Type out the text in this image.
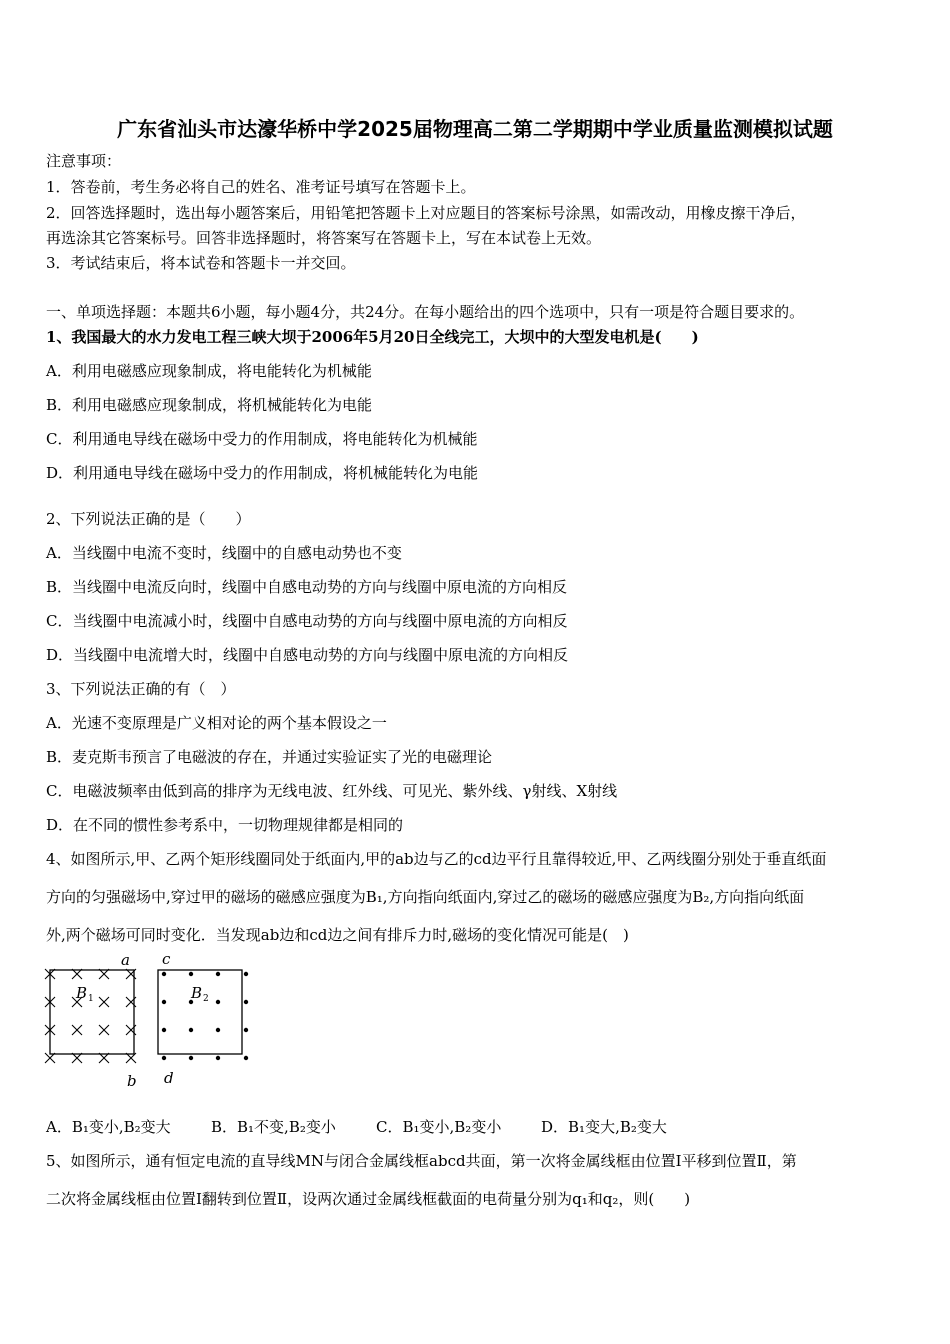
广东省汕头市达濠华桥中学2025届物理高二第二学期期中学业质量监测模拟试题
注意事项：
1．答卷前，考生务必将自己的姓名、准考证号填写在答题卡上。
2．回答选择题时，选出每小题答案后，用铅笔把答题卡上对应题目的答案标号涂黑，如需改动，用橡皮擦干净后，
再选涂其它答案标号。回答非选择题时，将答案写在答题卡上，写在本试卷上无效。
3．考试结束后，将本试卷和答题卡一并交回。
一、单项选择题：本题共6小题，每小题4分，共24分。在每小题给出的四个选项中，只有一项是符合题目要求的。
1、我国最大的水力发电工程三峡大坝于2006年5月20日全线完工，大坝中的大型发电机是(　　)
A．利用电磁感应现象制成，将电能转化为机械能
B．利用电磁感应现象制成，将机械能转化为电能
C．利用通电导线在磁场中受力的作用制成，将电能转化为机械能
D．利用通电导线在磁场中受力的作用制成，将机械能转化为电能
2、下列说法正确的是（　　）
A．当线圈中电流不变时，线圈中的自感电动势也不变
B．当线圈中电流反向时，线圈中自感电动势的方向与线圈中原电流的方向相反
C．当线圈中电流减小时，线圈中自感电动势的方向与线圈中原电流的方向相反
D．当线圈中电流增大时，线圈中自感电动势的方向与线圈中原电流的方向相反
3、下列说法正确的有（　）
A．光速不变原理是广义相对论的两个基本假设之一
B．麦克斯韦预言了电磁波的存在，并通过实验证实了光的电磁理论
C．电磁波频率由低到高的排序为无线电波、红外线、可见光、紫外线、γ射线、X射线
D．在不同的惯性参考系中，一切物理规律都是相同的
4、如图所示,甲、乙两个矩形线圈同处于纸面内,甲的ab边与乙的cd边平行且靠得较近,甲、乙两线圈分别处于垂直纸面
方向的匀强磁场中,穿过甲的磁场的磁感应强度为B₁,方向指向纸面内,穿过乙的磁场的磁感应强度为B₂,方向指向纸面
外,两个磁场可同时变化．当发现ab边和cd边之间有排斥力时,磁场的变化情况可能是(　)
a
b
c
d
B 1	B 2
A．B₁变小,B₂变大	B．B₁不变,B₂变小	C．B₁变小,B₂变小	D．B₁变大,B₂变大
5、如图所示，通有恒定电流的直导线MN与闭合金属线框abcd共面，第一次将金属线框由位置Ⅰ平移到位置Ⅱ，第
二次将金属线框由位置Ⅰ翻转到位置Ⅱ，设两次通过金属线框截面的电荷量分别为q₁和q₂，则(　　)
